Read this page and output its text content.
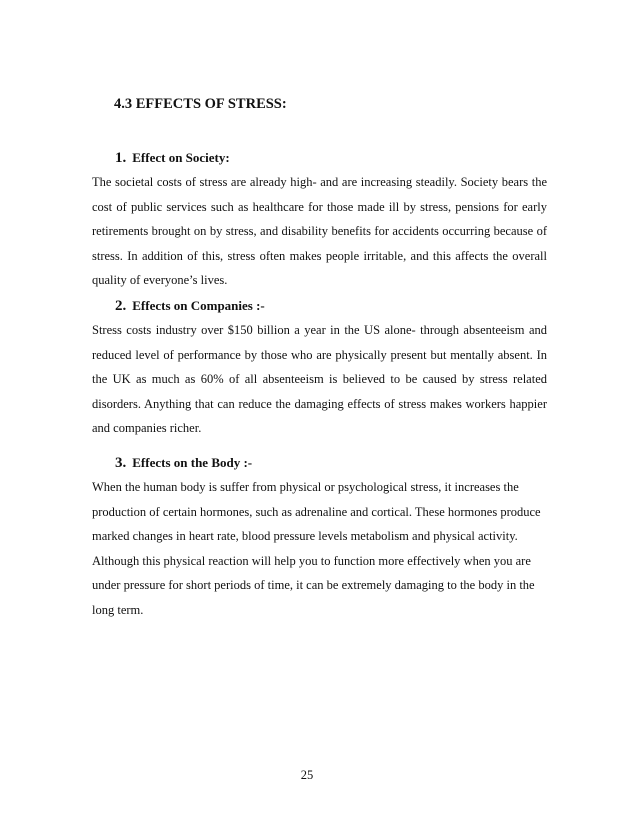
4.3 EFFECTS OF STRESS:
1. Effect on Society:

The societal costs of stress are already high- and are increasing steadily. Society bears the cost of public services such as healthcare for those made ill by stress, pensions for early retirements brought on by stress, and disability benefits for accidents occurring because of stress. In addition of this, stress often makes people irritable, and this affects the overall quality of everyone’s lives.

2. Effects on Companies :-

Stress costs industry over $150 billion a year in the US alone- through absenteeism and reduced level of performance by those who are physically present but mentally absent. In the UK as much as 60% of all absenteeism is believed to be caused by stress related disorders. Anything that can reduce the damaging effects of stress makes workers happier and companies richer.

3. Effects on the Body :-

When the human body is suffer from physical or psychological stress, it increases the production of certain hormones, such as adrenaline and cortical. These hormones produce marked changes in heart rate, blood pressure levels metabolism and physical activity. Although this physical reaction will help you to function more effectively when you are under pressure for short periods of time, it can be extremely damaging to the body in the long term.

25
